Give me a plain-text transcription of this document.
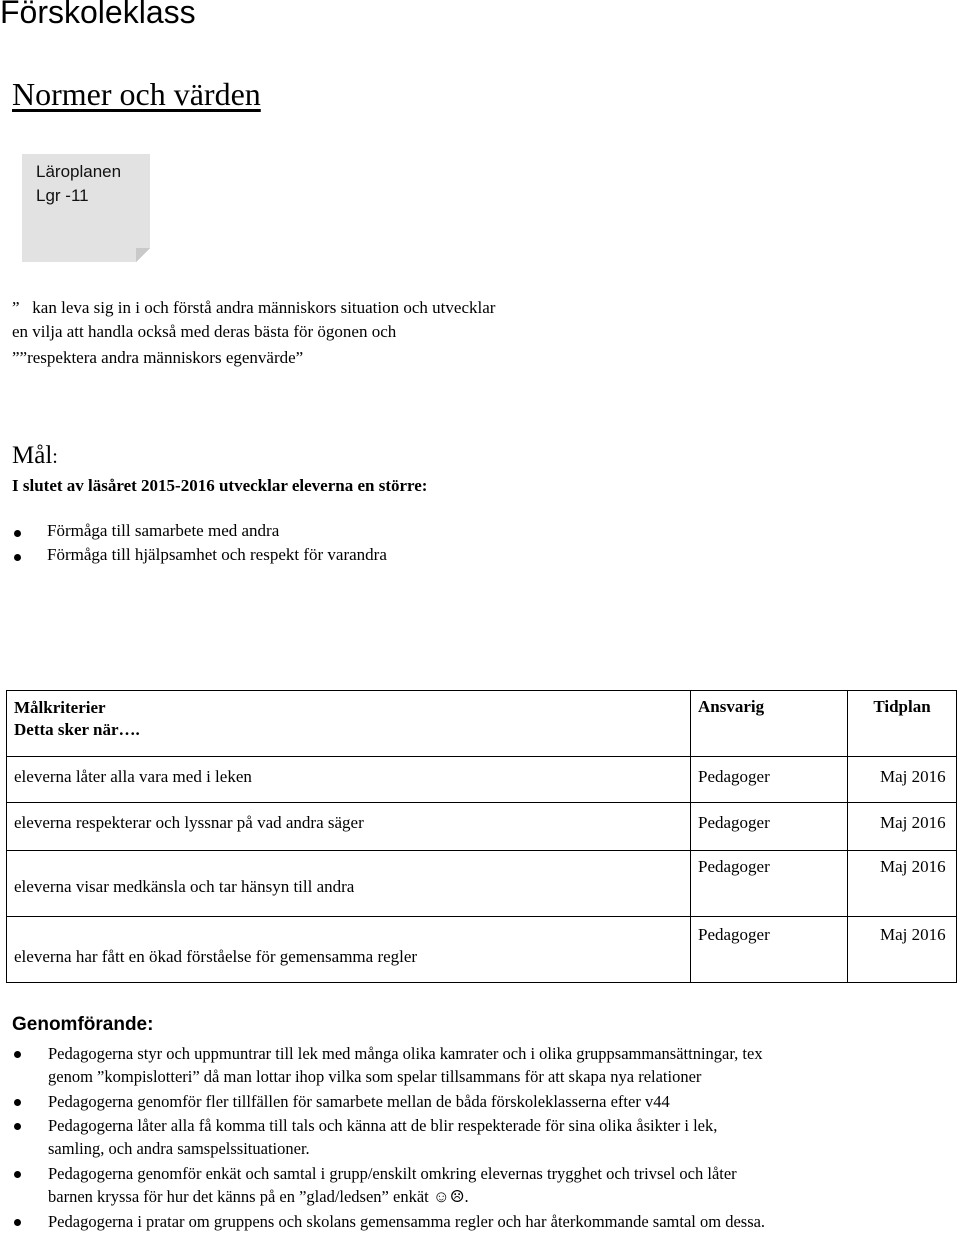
Förskoleklass
Normer och värden
Läroplanen
Lgr -11
” kan leva sig in i och förstå andra människors situation och utvecklar
en vilja att handla också med deras bästa för ögonen och
””respektera andra människors egenvärde”
Mål:
I slutet av läsåret 2015-2016 utvecklar eleverna en större:
Förmåga till samarbete med andra
Förmåga till hjälpsamhet och respekt för varandra
Målkriterier
Detta sker när….	Ansvarig	Tidplan
eleverna låter alla vara med i leken	Pedagoger	Maj 2016
eleverna respekterar och lyssnar på vad andra säger	Pedagoger	Maj 2016
eleverna visar medkänsla och tar hänsyn till andra	Pedagoger	Maj 2016
eleverna har fått en ökad förståelse för gemensamma regler	Pedagoger	Maj 2016
Genomförande:
Pedagogerna styr och uppmuntrar till lek med många olika kamrater och i olika gruppsammansättningar, tex
genom ”kompislotteri” då man lottar ihop vilka som spelar tillsammans för att skapa nya relationer
Pedagogerna genomför fler tillfällen för samarbete mellan de båda förskoleklasserna efter v44
Pedagogerna låter alla få komma till tals och känna att de blir respekterade för sina olika åsikter i lek,
samling, och andra samspelssituationer.
Pedagogerna genomför enkät och samtal i grupp/enskilt omkring elevernas trygghet och trivsel och låter
barnen kryssa för hur det känns på en ”glad/ledsen” enkät ☺☹.
Pedagogerna i pratar om gruppens och skolans gemensamma regler och har återkommande samtal om dessa.
